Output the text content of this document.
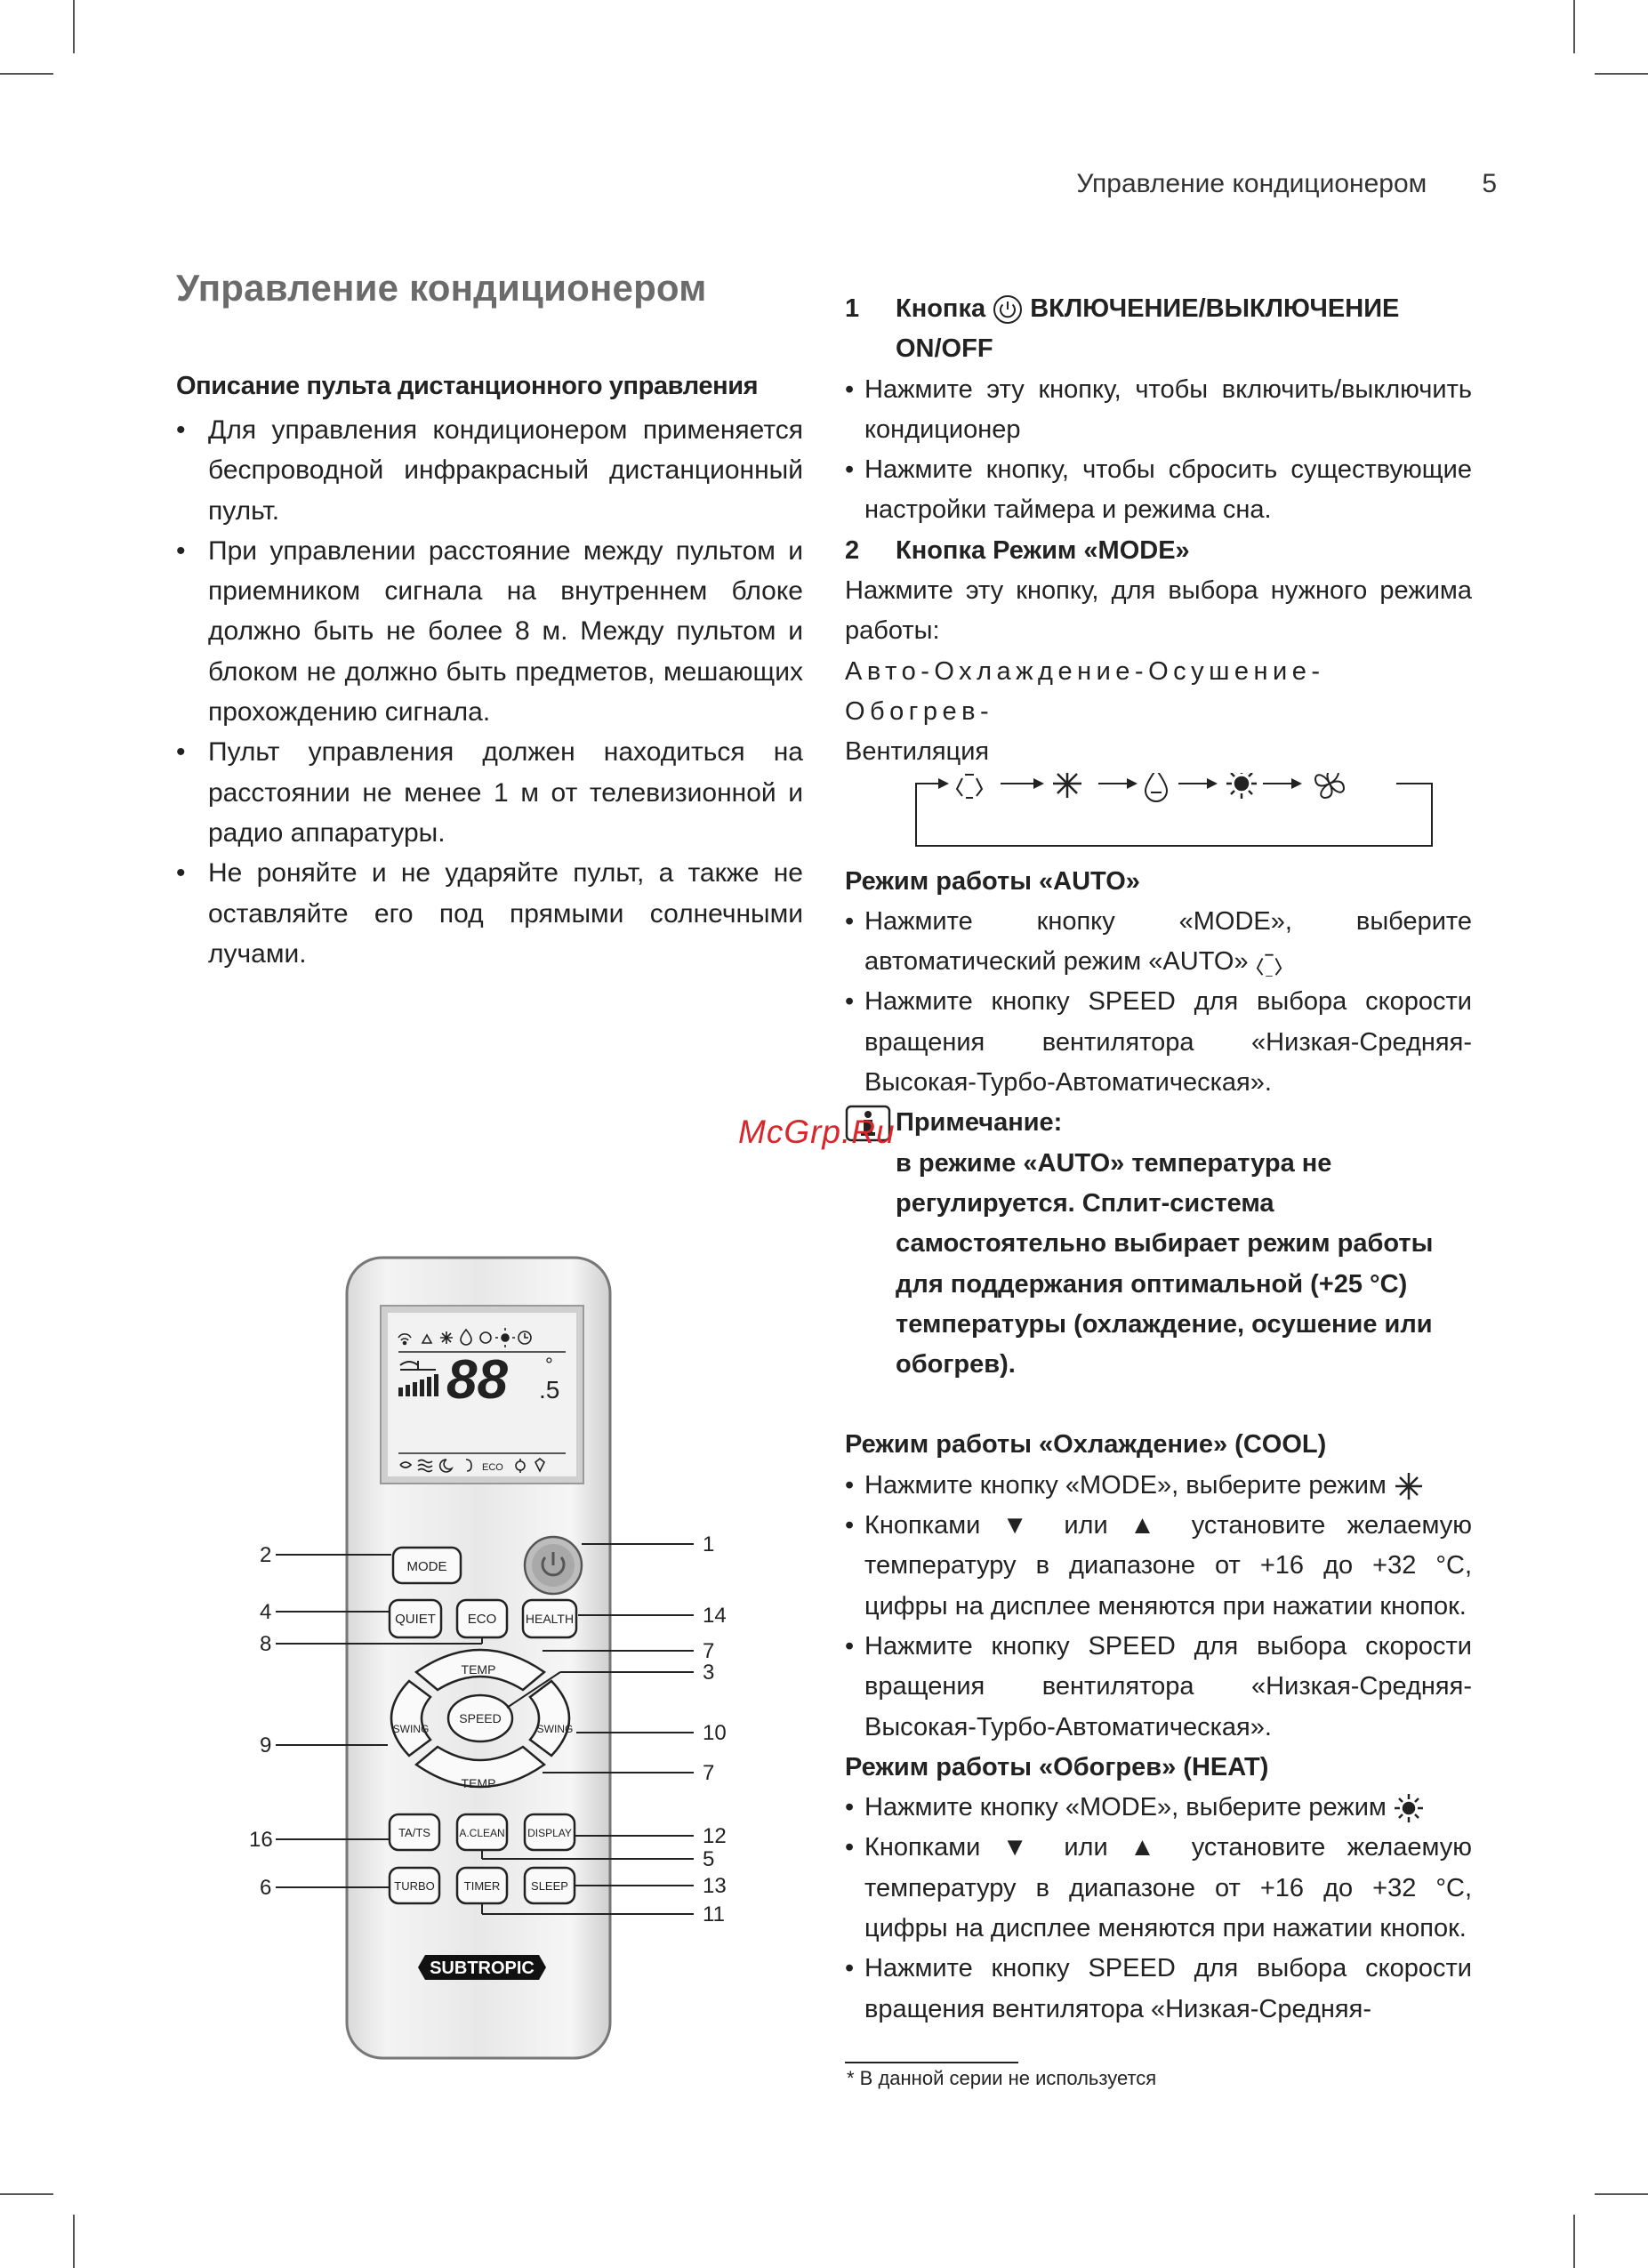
Управление кондиционером 5
Управление кондиционером
Описание пульта дистанционного управления
• Для управления кондиционером применяется беспроводной инфракрасный дистанционный пульт.
• При управлении расстояние между пультом и приемником сигнала на внутреннем блоке должно быть не более 8 м. Между пультом и блоком не должно быть предметов, мешающих прохождению сигнала.
• Пульт управления должен находиться на расстоянии не менее 1 м от телевизионной и радио аппаратуры.
• Не роняйте и не ударяйте пульт, а также не оставляйте его под прямыми солнечными лучами.
1	Кнопка ВКЛЮЧЕНИЕ/ВЫКЛЮЧЕНИЕ
ON/OFF

• Нажмите эту кнопку, чтобы включить/выключить кондиционер

• Нажмите кнопку, чтобы сбросить существующие настройки таймера и режима сна.

2	Кнопка Режим «MODE»

Нажмите эту кнопку, для выбора нужного режима работы:

Авто-Охлаждение-Осушение-Обогрев-

Вентиляция

Режим работы «AUTO»

• Нажмите кнопку «MODE», выберите автоматический режим «AUTO»

• Нажмите кнопку SPEED для выбора скорости вращения вентилятора «Низкая-Средняя-Высокая-Турбо-Автоматическая».

Примечание:

в режиме «AUTO» температура не регулируется. Сплит-система самостоятельно выбирает режим работы для поддержания оптимальной (+25 °C) температуры (охлаждение, осушение или обогрев).

Режим работы «Охлаждение» (COOL)

• Нажмите кнопку «MODE», выберите режим

• Кнопками ▼ или ▲ установите желаемую температуру в диапазоне от +16 до +32 °С, цифры на дисплее меняются при нажатии кнопок.

• Нажмите кнопку SPEED для выбора скорости вращения вентилятора «Низкая-Средняя-Высокая-Турбо-Автоматическая».

Режим работы «Обогрев» (HEAT)

• Нажмите кнопку «MODE», выберите режим

• Кнопками ▼ или ▲ установите желаемую температуру в диапазоне от +16 до +32 °С, цифры на дисплее меняются при нажатии кнопок.

• Нажмите кнопку SPEED для выбора скорости вращения вентилятора «Низкая-Средняя-

* В данной серии не используется
McGrp.Ru
88 °
.5
ECO
MODE
QUIET ECO HEALTH
TEMP
TEMP
SWING	SWING
SPEED
TA/TS	A.CLEAN DISPLAY
TURBO	TIMER	SLEEP
SUBTROPIC
2	1
4	14
8	7
3
9
10
7
16	12
5
6	13
11
